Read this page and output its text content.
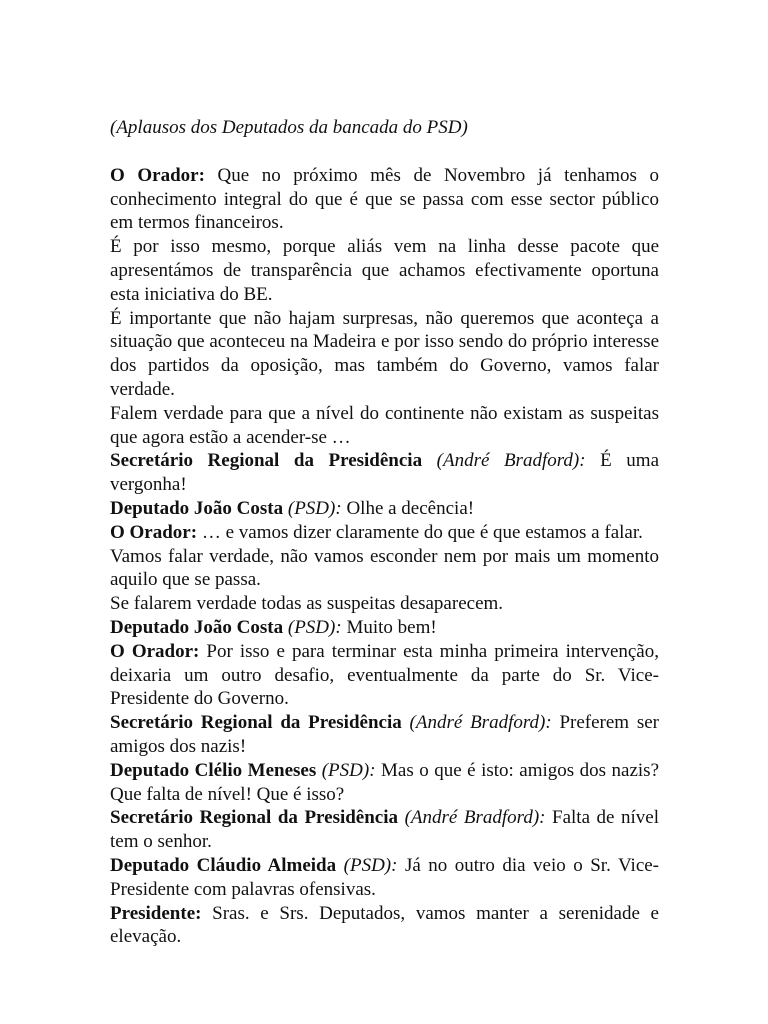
(Aplausos dos Deputados da bancada do PSD)

O Orador: Que no próximo mês de Novembro já tenhamos o conhecimento integral do que é que se passa com esse sector público em termos financeiros.

É por isso mesmo, porque aliás vem na linha desse pacote que apresentámos de transparência que achamos efectivamente oportuna esta iniciativa do BE.

É importante que não hajam surpresas, não queremos que aconteça a situação que aconteceu na Madeira e por isso sendo do próprio interesse dos partidos da oposição, mas também do Governo, vamos falar verdade.

Falem verdade para que a nível do continente não existam as suspeitas que agora estão a acender-se …

Secretário Regional da Presidência (André Bradford): É uma vergonha!

Deputado João Costa (PSD): Olhe a decência!

O Orador: … e vamos dizer claramente do que é que estamos a falar.

Vamos falar verdade, não vamos esconder nem por mais um momento aquilo que se passa.

Se falarem verdade todas as suspeitas desaparecem.

Deputado João Costa (PSD): Muito bem!

O Orador: Por isso e para terminar esta minha primeira intervenção, deixaria um outro desafio, eventualmente da parte do Sr. Vice-Presidente do Governo.

Secretário Regional da Presidência (André Bradford): Preferem ser amigos dos nazis!

Deputado Clélio Meneses (PSD): Mas o que é isto: amigos dos nazis? Que falta de nível! Que é isso?

Secretário Regional da Presidência (André Bradford): Falta de nível tem o senhor.

Deputado Cláudio Almeida (PSD): Já no outro dia veio o Sr. Vice-Presidente com palavras ofensivas.

Presidente: Sras. e Srs. Deputados, vamos manter a serenidade e elevação.
